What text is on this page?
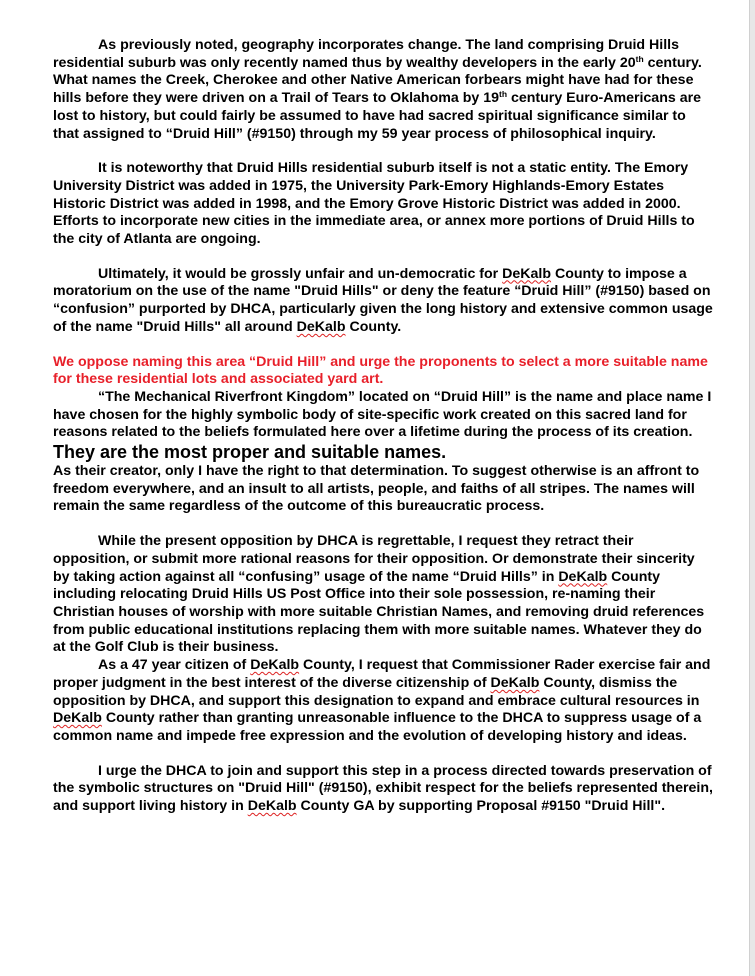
As previously noted, geography incorporates change. The land comprising Druid Hills residential suburb was only recently named thus by wealthy developers in the early 20th century. What names the Creek, Cherokee and other Native American forbears might have had for these hills before they were driven on a Trail of Tears to Oklahoma by 19th century Euro-Americans are lost to history, but could fairly be assumed to have had sacred spiritual significance similar to that assigned to “Druid Hill” (#9150) through my 59 year process of philosophical inquiry.

It is noteworthy that Druid Hills residential suburb itself is not a static entity. The Emory University District was added in 1975, the University Park-Emory Highlands-Emory Estates Historic District was added in 1998, and the Emory Grove Historic District was added in 2000. Efforts to incorporate new cities in the immediate area, or annex more portions of Druid Hills to the city of Atlanta are ongoing.

Ultimately, it would be grossly unfair and un-democratic for DeKalb County to impose a moratorium on the use of the name "Druid Hills" or deny the feature “Druid Hill” (#9150) based on “confusion” purported by DHCA, particularly given the long history and extensive common usage of the name "Druid Hills" all around DeKalb County.

We oppose naming this area “Druid Hill” and urge the proponents to select a more suitable name for these residential lots and associated yard art.

“The Mechanical Riverfront Kingdom” located on “Druid Hill” is the name and place name I have chosen for the highly symbolic body of site-specific work created on this sacred land for reasons related to the beliefs formulated here over a lifetime during the process of its creation.

They are the most proper and suitable names.

As their creator, only I have the right to that determination. To suggest otherwise is an affront to freedom everywhere, and an insult to all artists, people, and faiths of all stripes. The names will remain the same regardless of the outcome of this bureaucratic process.

While the present opposition by DHCA is regrettable, I request they retract their opposition, or submit more rational reasons for their opposition. Or demonstrate their sincerity by taking action against all “confusing” usage of the name “Druid Hills” in DeKalb County including relocating Druid Hills US Post Office into their sole possession, re-naming their Christian houses of worship with more suitable Christian Names, and removing druid references from public educational institutions replacing them with more suitable names. Whatever they do at the Golf Club is their business.

As a 47 year citizen of DeKalb County, I request that Commissioner Rader exercise fair and proper judgment in the best interest of the diverse citizenship of DeKalb County, dismiss the opposition by DHCA, and support this designation to expand and embrace cultural resources in DeKalb County rather than granting unreasonable influence to the DHCA to suppress usage of a common name and impede free expression and the evolution of developing history and ideas.

I urge the DHCA to join and support this step in a process directed towards preservation of the symbolic structures on "Druid Hill" (#9150), exhibit respect for the beliefs represented therein, and support living history in DeKalb County GA by supporting Proposal #9150 "Druid Hill".
